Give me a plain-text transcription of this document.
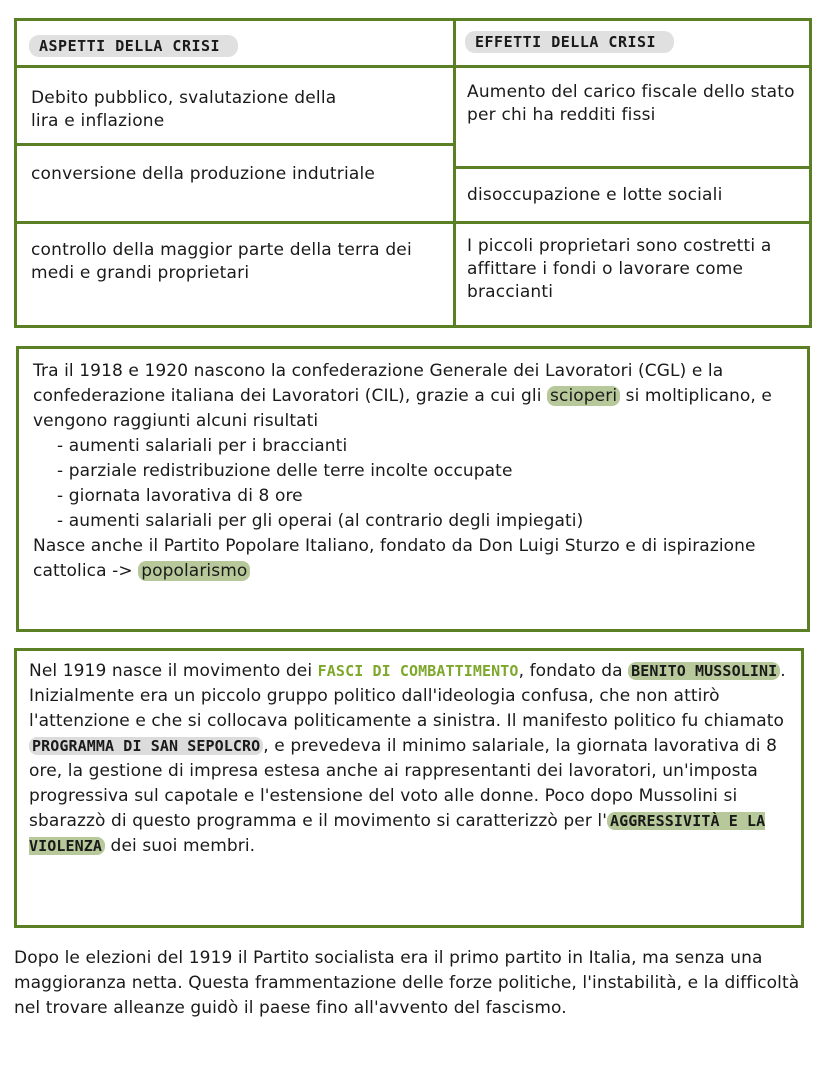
ASPETTI DELLA CRISI	EFFETTI DELLA CRISI
Debito pubblico, svalutazione della lira e inflazione
conversione della produzione indutriale
controllo della maggior parte della terra dei medi e grandi proprietari
Aumento del carico fiscale dello stato per chi ha redditi fissi
disoccupazione e lotte sociali
I piccoli proprietari sono costretti a affittare i fondi o lavorare come braccianti
Tra il 1918 e 1920 nascono la confederazione Generale dei Lavoratori (CGL) e la confederazione italiana dei Lavoratori (CIL), grazie a cui gli scioperi si moltiplicano, e vengono raggiunti alcuni risultati
- aumenti salariali per i braccianti
- parziale redistribuzione delle terre incolte occupate
- giornata lavorativa di 8 ore
- aumenti salariali per gli operai (al contrario degli impiegati)
Nasce anche il Partito Popolare Italiano, fondato da Don Luigi Sturzo e di ispirazione cattolica -> popolarismo
Nel 1919 nasce il movimento dei FASCI DI COMBATTIMENTO, fondato da BENITO MUSSOLINI . Inizialmente era un piccolo gruppo politico dall'ideologia confusa, che non attirò l'attenzione e che si collocava politicamente a sinistra. Il manifesto politico fu chiamato PROGRAMMA DI SAN SEPOLCRO , e prevedeva il minimo salariale, la giornata lavorativa di 8 ore, la gestione di impresa estesa anche ai rappresentanti dei lavoratori, un'imposta progressiva sul capotale e l'estensione del voto alle donne. Poco dopo Mussolini si sbarazzò di questo programma e il movimento si caratterizzò per l' AGGRESSIVITÀ E LA VIOLENZA dei suoi membri.
Dopo le elezioni del 1919 il Partito socialista era il primo partito in Italia, ma senza una maggioranza netta. Questa frammentazione delle forze politiche, l'instabilità, e la difficoltà nel trovare alleanze guidò il paese fino all'avvento del fascismo.
